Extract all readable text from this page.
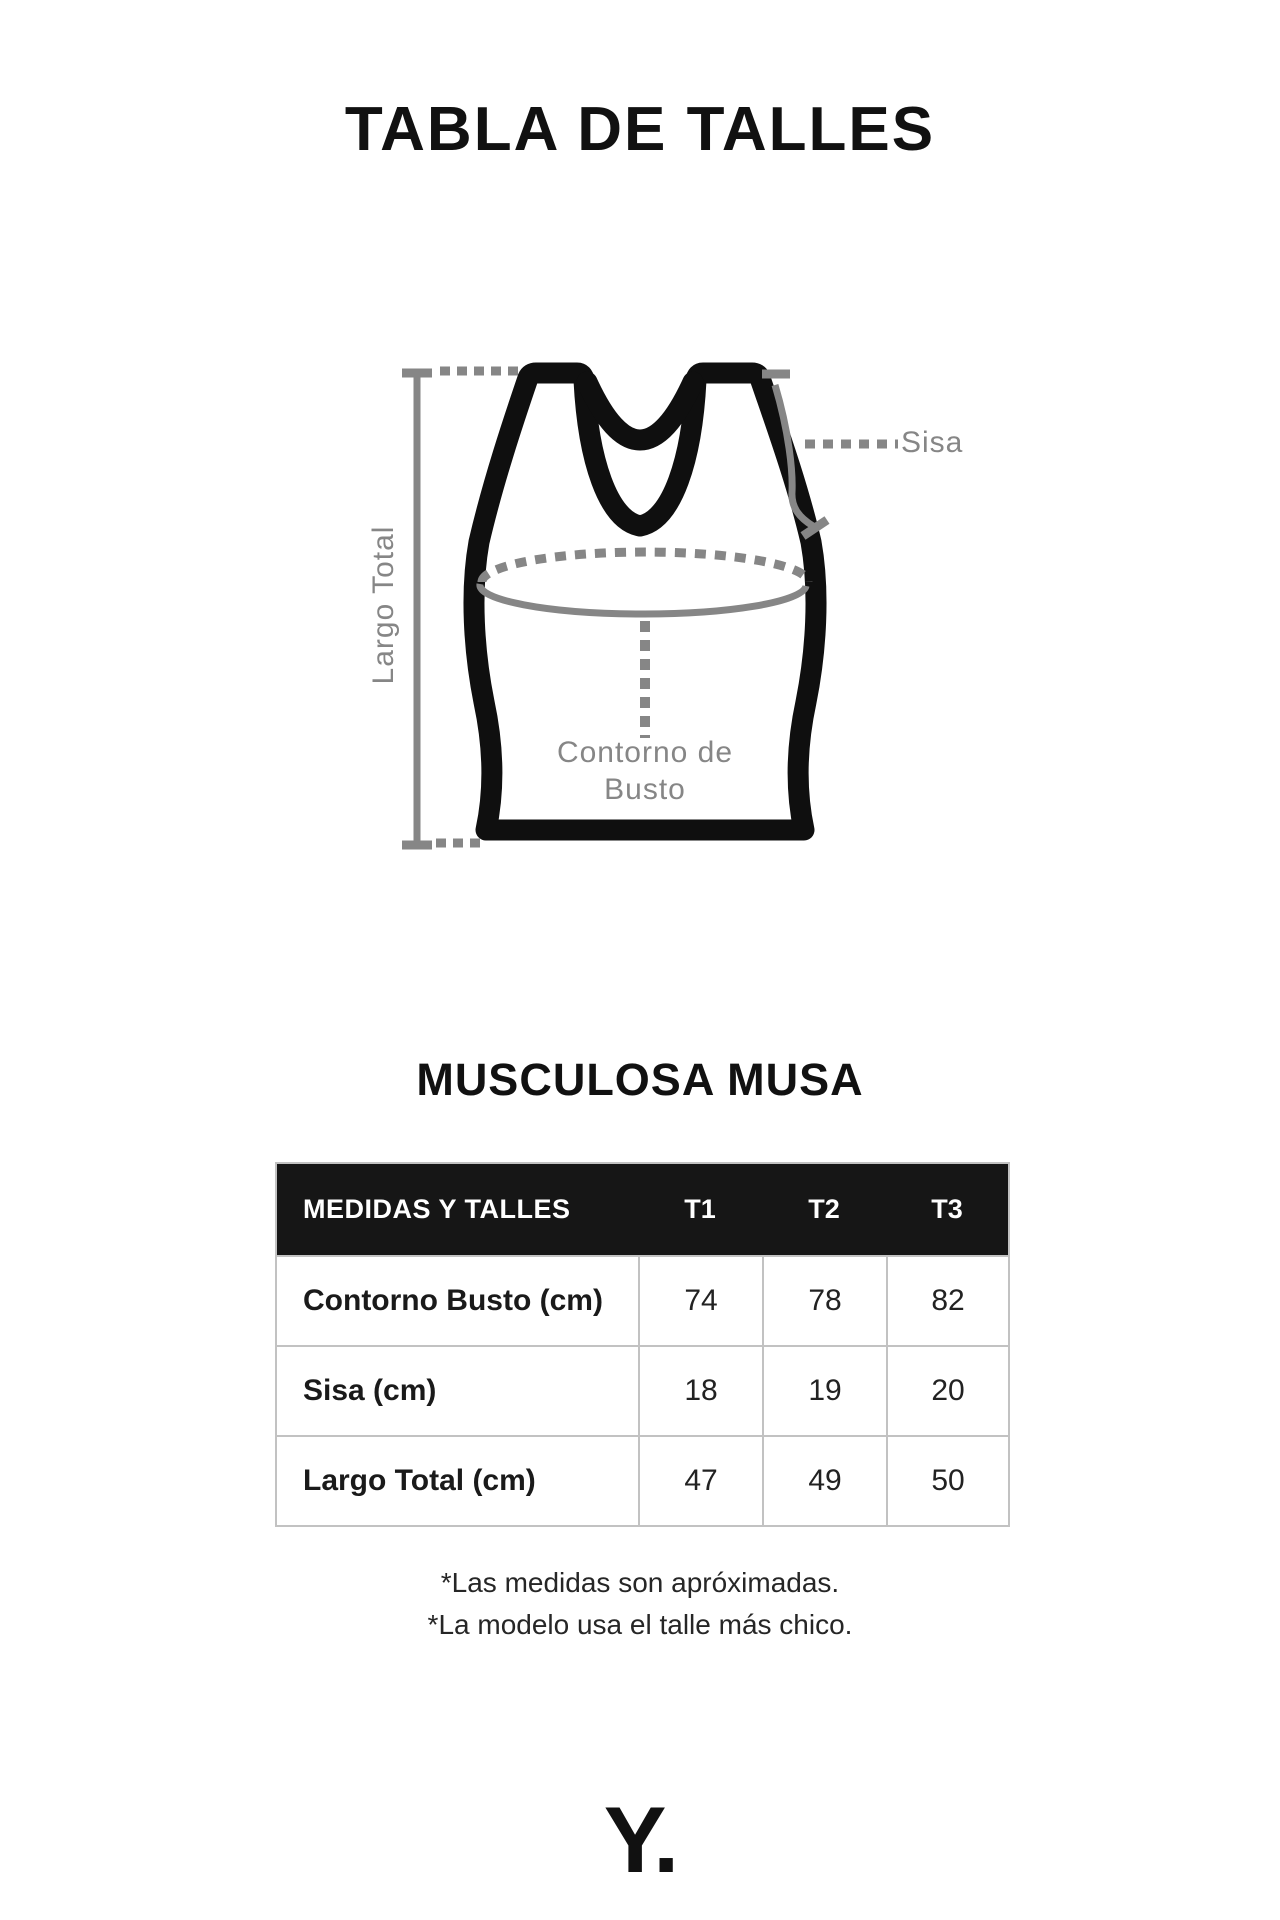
TABLA DE TALLES
Largo Total
Sisa
Contorno de
Busto
MUSCULOSA MUSA
MEDIDAS Y TALLES	T1	T2	T3
Contorno Busto (cm)	74	78	82
Sisa (cm)	18	19	20
Largo Total (cm)	47	49	50
*Las medidas son apróximadas.
*La modelo usa el talle más chico.
Y.
